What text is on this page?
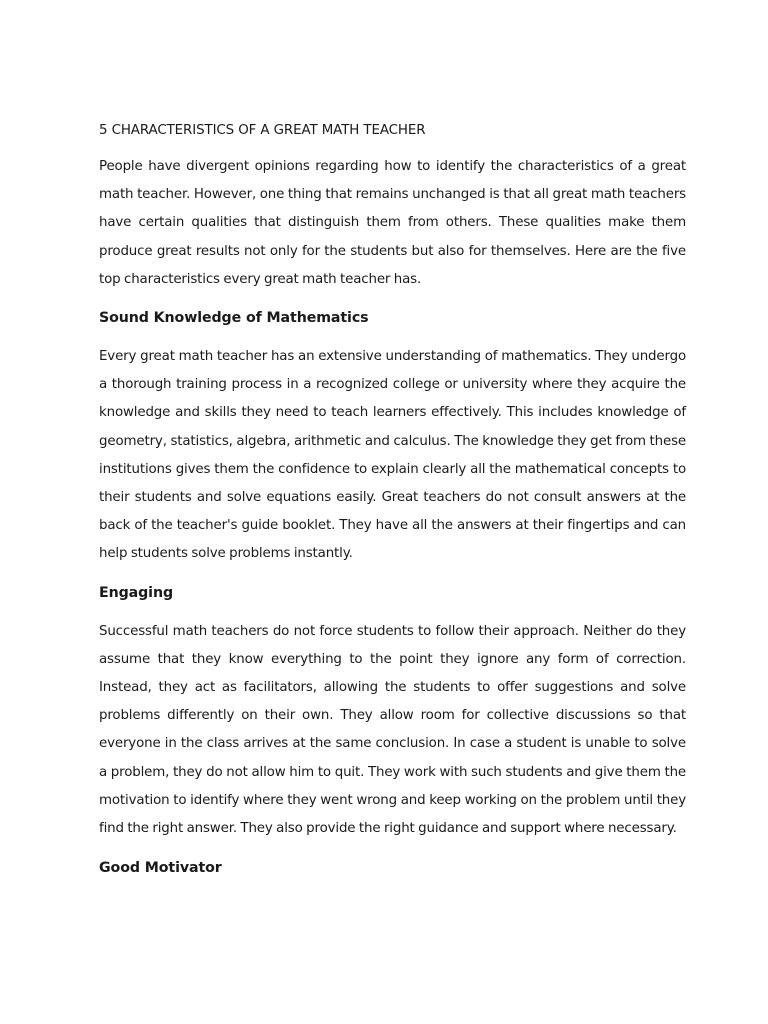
5 CHARACTERISTICS OF A GREAT MATH TEACHER

People have divergent opinions regarding how to identify the characteristics of a great math teacher. However, one thing that remains unchanged is that all great math teachers have certain qualities that distinguish them from others. These qualities make them produce great results not only for the students but also for themselves. Here are the five top characteristics every great math teacher has.

Sound Knowledge of Mathematics

Every great math teacher has an extensive understanding of mathematics. They undergo a thorough training process in a recognized college or university where they acquire the knowledge and skills they need to teach learners effectively. This includes knowledge of geometry, statistics, algebra, arithmetic and calculus. The knowledge they get from these institutions gives them the confidence to explain clearly all the mathematical concepts to their students and solve equations easily. Great teachers do not consult answers at the back of the teacher's guide booklet. They have all the answers at their fingertips and can help students solve problems instantly.

Engaging

Successful math teachers do not force students to follow their approach. Neither do they assume that they know everything to the point they ignore any form of correction. Instead, they act as facilitators, allowing the students to offer suggestions and solve problems differently on their own. They allow room for collective discussions so that everyone in the class arrives at the same conclusion. In case a student is unable to solve a problem, they do not allow him to quit. They work with such students and give them the motivation to identify where they went wrong and keep working on the problem until they find the right answer. They also provide the right guidance and support where necessary.

Good Motivator
